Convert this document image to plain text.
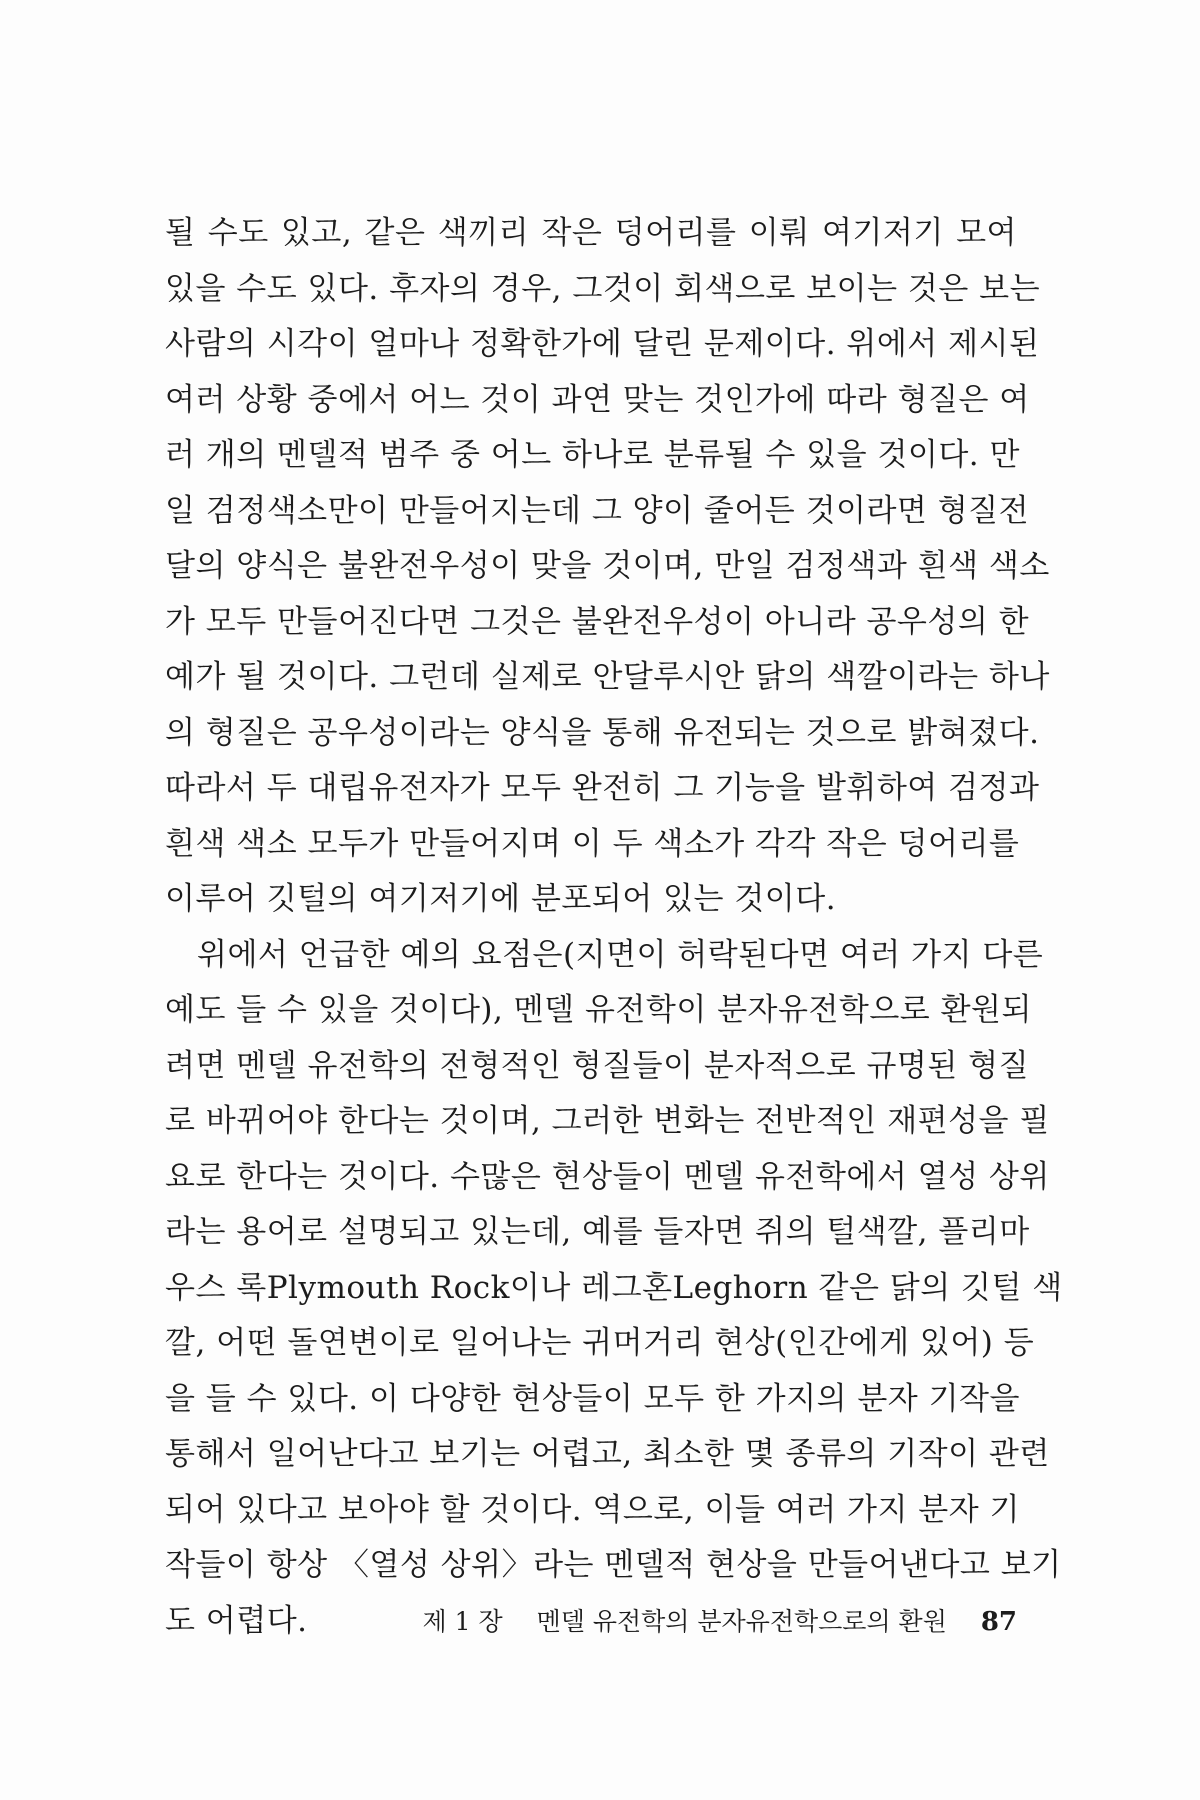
될 수도 있고, 같은 색끼리 작은 덩어리를 이뤄 여기저기 모여
있을 수도 있다. 후자의 경우, 그것이 회색으로 보이는 것은 보는
사람의 시각이 얼마나 정확한가에 달린 문제이다. 위에서 제시된
여러 상황 중에서 어느 것이 과연 맞는 것인가에 따라 형질은 여
러 개의 멘델적 범주 중 어느 하나로 분류될 수 있을 것이다. 만
일 검정색소만이 만들어지는데 그 양이 줄어든 것이라면 형질전
달의 양식은 불완전우성이 맞을 것이며, 만일 검정색과 흰색 색소
가 모두 만들어진다면 그것은 불완전우성이 아니라 공우성의 한
예가 될 것이다. 그런데 실제로 안달루시안 닭의 색깔이라는 하나
의 형질은 공우성이라는 양식을 통해 유전되는 것으로 밝혀졌다.
따라서 두 대립유전자가 모두 완전히 그 기능을 발휘하여 검정과
흰색 색소 모두가 만들어지며 이 두 색소가 각각 작은 덩어리를
이루어 깃털의 여기저기에 분포되어 있는 것이다.
위에서 언급한 예의 요점은(지면이 허락된다면 여러 가지 다른
예도 들 수 있을 것이다), 멘델 유전학이 분자유전학으로 환원되
려면 멘델 유전학의 전형적인 형질들이 분자적으로 규명된 형질
로 바뀌어야 한다는 것이며, 그러한 변화는 전반적인 재편성을 필
요로 한다는 것이다. 수많은 현상들이 멘델 유전학에서 열성 상위
라는 용어로 설명되고 있는데, 예를 들자면 쥐의 털색깔, 플리마
우스 록Plymouth Rock이나 레그혼Leghorn 같은 닭의 깃털 색
깔, 어떤 돌연변이로 일어나는 귀머거리 현상(인간에게 있어) 등
을 들 수 있다. 이 다양한 현상들이 모두 한 가지의 분자 기작을
통해서 일어난다고 보기는 어렵고, 최소한 몇 종류의 기작이 관련
되어 있다고 보아야 할 것이다. 역으로, 이들 여러 가지 분자 기
작들이 항상 〈열성 상위〉라는 멘델적 현상을 만들어낸다고 보기
도 어렵다.	제 1 장 멘델 유전학의 분자유전학으로의 환원 87
